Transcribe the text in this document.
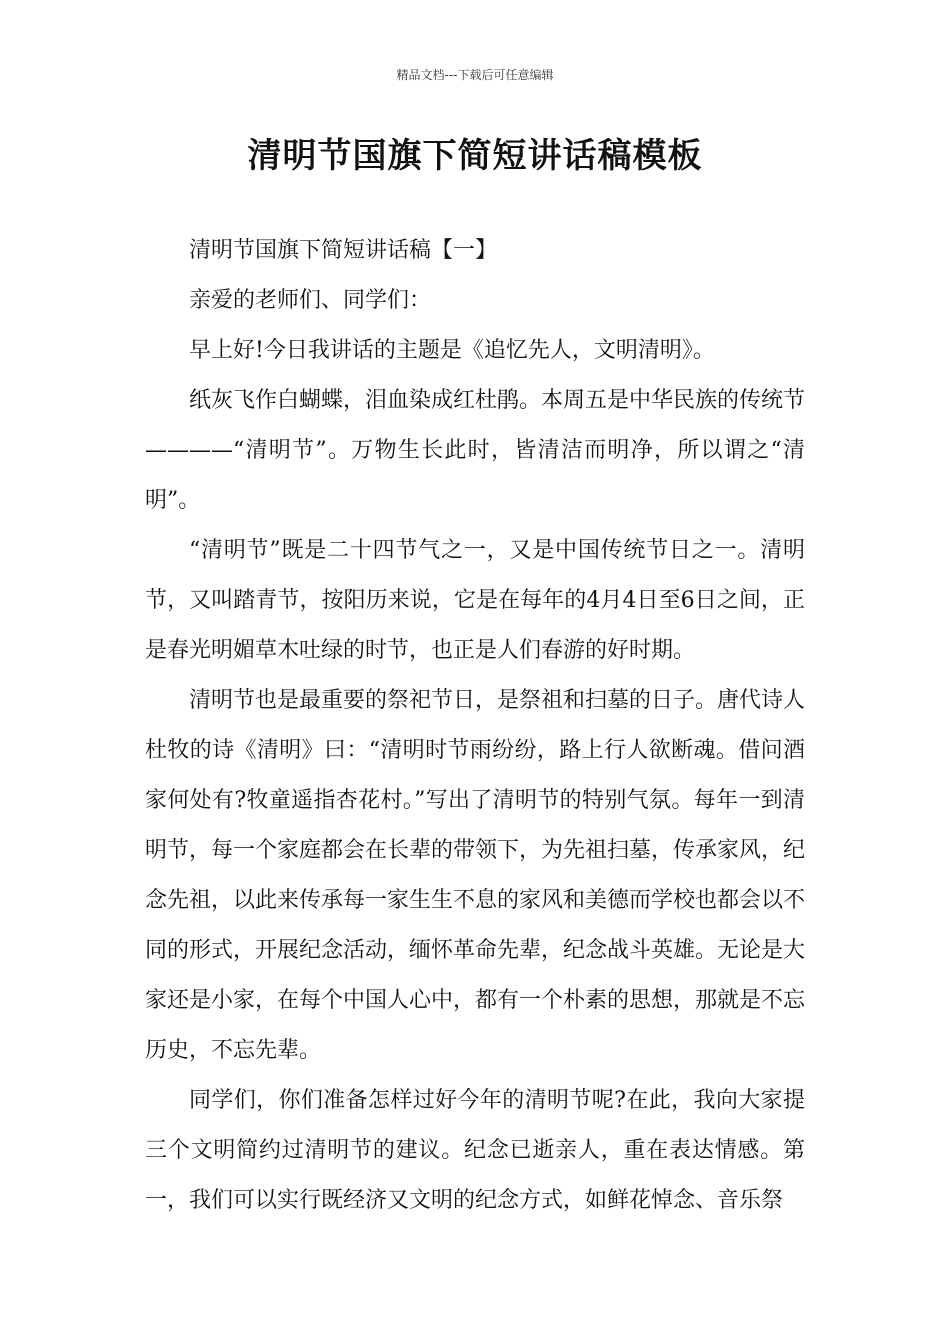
精品文档---下载后可任意编辑
清明节国旗下简短讲话稿模板

清明节国旗下简短讲话稿【一】

亲爱的老师们、同学们：

早上好!今日我讲话的主题是《追忆先人，文明清明》。

纸灰飞作白蝴蝶，泪血染成红杜鹃。本周五是中华民族的传统节————“清明节”。万物生长此时，皆清洁而明净，所以谓之“清明”。

“清明节”既是二十四节气之一，又是中国传统节日之一。清明节，又叫踏青节，按阳历来说，它是在每年的4月4日至6日之间，正是春光明媚草木吐绿的时节，也正是人们春游的好时期。

清明节也是最重要的祭祀节日，是祭祖和扫墓的日子。唐代诗人杜牧的诗《清明》曰：“清明时节雨纷纷，路上行人欲断魂。借问酒家何处有?牧童遥指杏花村。”写出了清明节的特别气氛。每年一到清明节，每一个家庭都会在长辈的带领下，为先祖扫墓，传承家风，纪念先祖，以此来传承每一家生生不息的家风和美德而学校也都会以不同的形式，开展纪念活动，缅怀革命先辈，纪念战斗英雄。无论是大家还是小家，在每个中国人心中，都有一个朴素的思想，那就是不忘历史，不忘先辈。

同学们，你们准备怎样过好今年的清明节呢?在此，我向大家提三个文明简约过清明节的建议。纪念已逝亲人，重在表达情感。第一，我们可以实行既经济又文明的纪念方式，如鲜花悼念、音乐祭
